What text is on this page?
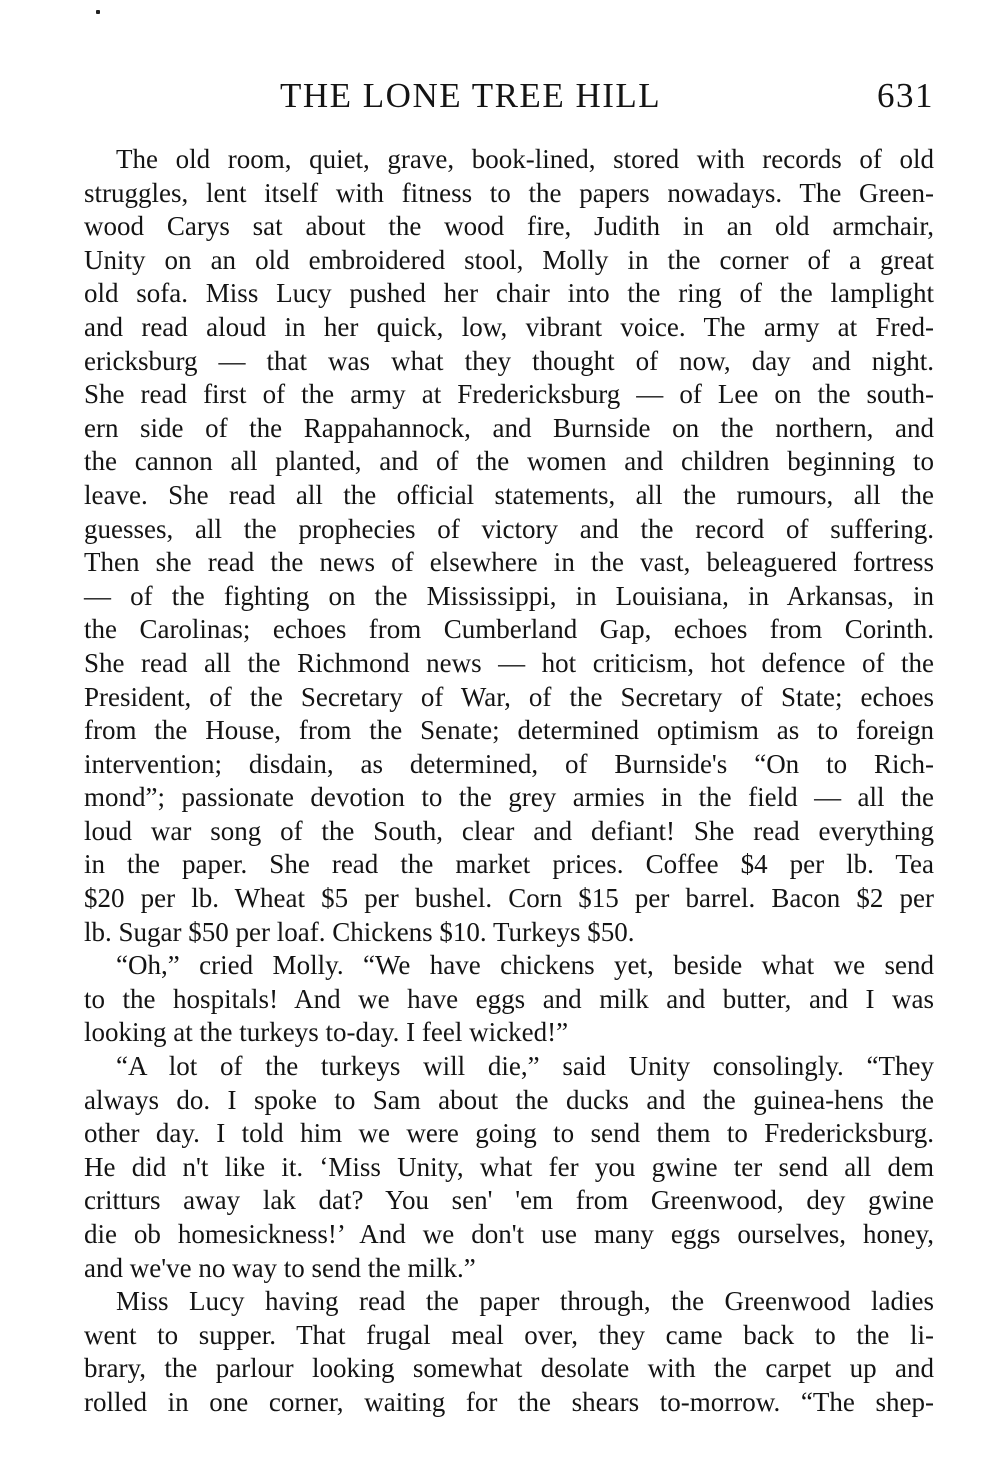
THE LONE TREE HILL	631
The old room, quiet, grave, book-lined, stored with records of old
struggles, lent itself with fitness to the papers nowadays. The Green-
wood Carys sat about the wood fire, Judith in an old armchair,
Unity on an old embroidered stool, Molly in the corner of a great
old sofa. Miss Lucy pushed her chair into the ring of the lamplight
and read aloud in her quick, low, vibrant voice. The army at Fred-
ericksburg — that was what they thought of now, day and night.
She read first of the army at Fredericksburg — of Lee on the south-
ern side of the Rappahannock, and Burnside on the northern, and
the cannon all planted, and of the women and children beginning to
leave. She read all the official statements, all the rumours, all the
guesses, all the prophecies of victory and the record of suffering.
Then she read the news of elsewhere in the vast, beleaguered fortress
— of the fighting on the Mississippi, in Louisiana, in Arkansas, in
the Carolinas; echoes from Cumberland Gap, echoes from Corinth.
She read all the Richmond news — hot criticism, hot defence of the
President, of the Secretary of War, of the Secretary of State; echoes
from the House, from the Senate; determined optimism as to foreign
intervention; disdain, as determined, of Burnside's “On to Rich-
mond”; passionate devotion to the grey armies in the field — all the
loud war song of the South, clear and defiant! She read everything
in the paper. She read the market prices. Coffee $4 per lb. Tea
$20 per lb. Wheat $5 per bushel. Corn $15 per barrel. Bacon $2 per
lb. Sugar $50 per loaf. Chickens $10. Turkeys $50.
“Oh,” cried Molly. “We have chickens yet, beside what we send
to the hospitals! And we have eggs and milk and butter, and I was
looking at the turkeys to-day. I feel wicked!”
“A lot of the turkeys will die,” said Unity consolingly. “They
always do. I spoke to Sam about the ducks and the guinea-hens the
other day. I told him we were going to send them to Fredericksburg.
He did n't like it. ‘Miss Unity, what fer you gwine ter send all dem
critturs away lak dat? You sen' 'em from Greenwood, dey gwine
die ob homesickness!’ And we don't use many eggs ourselves, honey,
and we've no way to send the milk.”
Miss Lucy having read the paper through, the Greenwood ladies
went to supper. That frugal meal over, they came back to the li-
brary, the parlour looking somewhat desolate with the carpet up and
rolled in one corner, waiting for the shears to-morrow. “The shep-
